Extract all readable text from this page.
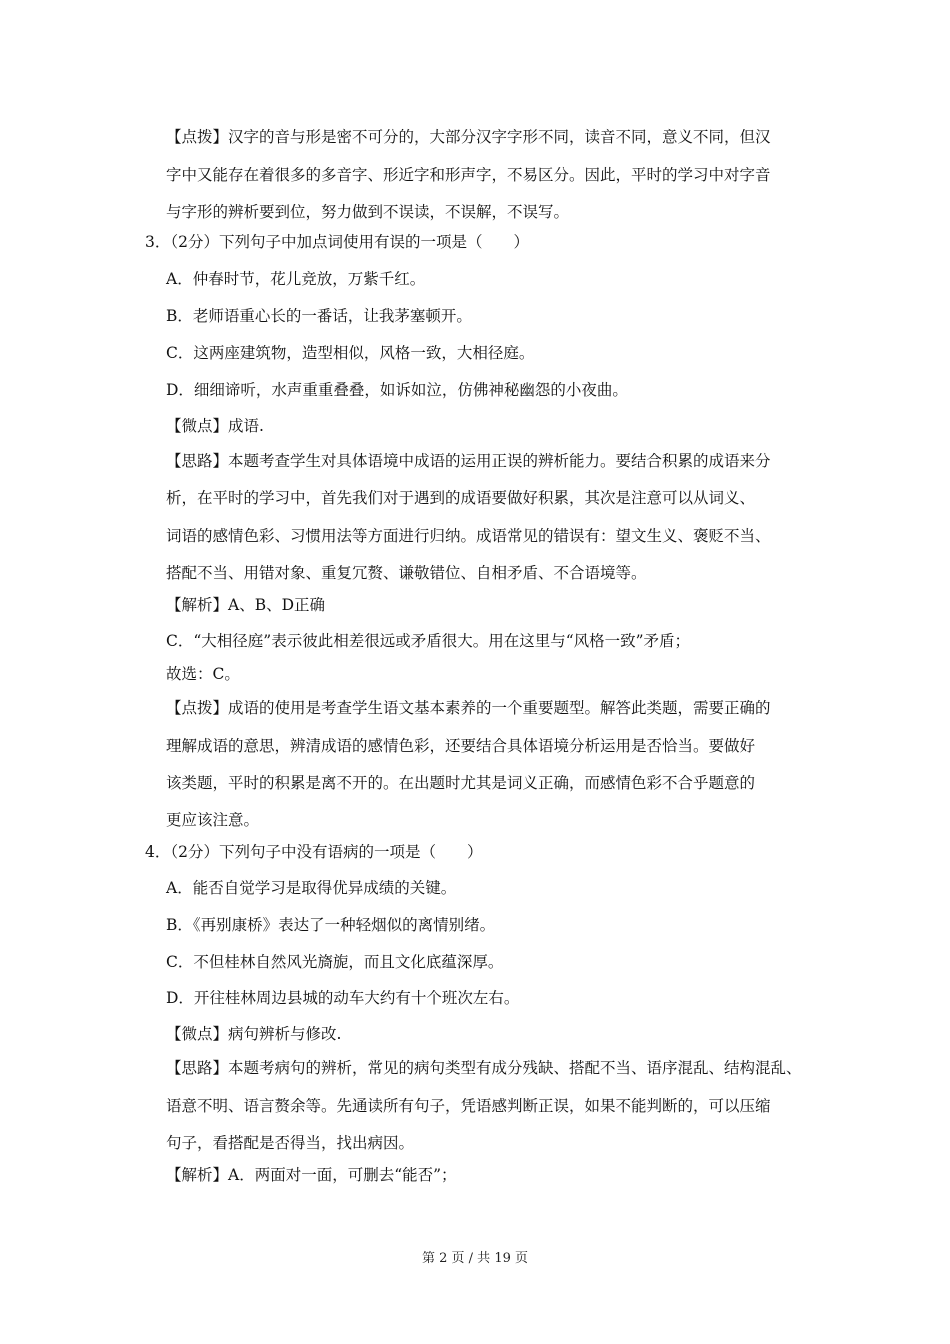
【点拨】汉字的音与形是密不可分的，大部分汉字字形不同，读音不同，意义不同，但汉
字中又能存在着很多的多音字、形近字和形声字，不易区分。因此，平时的学习中对字音
与字形的辨析要到位，努力做到不误读，不误解，不误写。
3．（2分）下列句子中加点词使用有误的一项是（　　）
A．仲春时节，花儿竞放，万紫千红。
B．老师语重心长的一番话，让我茅塞顿开。
C．这两座建筑物，造型相似，风格一致，大相径庭。
D．细细谛听，水声重重叠叠，如诉如泣，仿佛神秘幽怨的小夜曲。
【微点】成语.
【思路】本题考查学生对具体语境中成语的运用正误的辨析能力。要结合积累的成语来分
析，在平时的学习中，首先我们对于遇到的成语要做好积累，其次是注意可以从词义、
词语的感情色彩、习惯用法等方面进行归纳。成语常见的错误有：望文生义、褒贬不当、
搭配不当、用错对象、重复冗赘、谦敬错位、自相矛盾、不合语境等。
【解析】A、B、D正确
C．“大相径庭”表示彼此相差很远或矛盾很大。用在这里与“风格一致”矛盾；
故选：C。
【点拨】成语的使用是考查学生语文基本素养的一个重要题型。解答此类题，需要正确的
理解成语的意思，辨清成语的感情色彩，还要结合具体语境分析运用是否恰当。要做好
该类题，平时的积累是离不开的。在出题时尤其是词义正确，而感情色彩不合乎题意的
更应该注意。
4．（2分）下列句子中没有语病的一项是（　　）
A．能否自觉学习是取得优异成绩的关键。
B．《再别康桥》表达了一种轻烟似的离情别绪。
C．不但桂林自然风光旖旎，而且文化底蕴深厚。
D．开往桂林周边县城的动车大约有十个班次左右。
【微点】病句辨析与修改.
【思路】本题考病句的辨析，常见的病句类型有成分残缺、搭配不当、语序混乱、结构混乱、
语意不明、语言赘余等。先通读所有句子，凭语感判断正误，如果不能判断的，可以压缩
句子，看搭配是否得当，找出病因。
【解析】A．两面对一面，可删去“能否”；
第 2 页 / 共 19 页
